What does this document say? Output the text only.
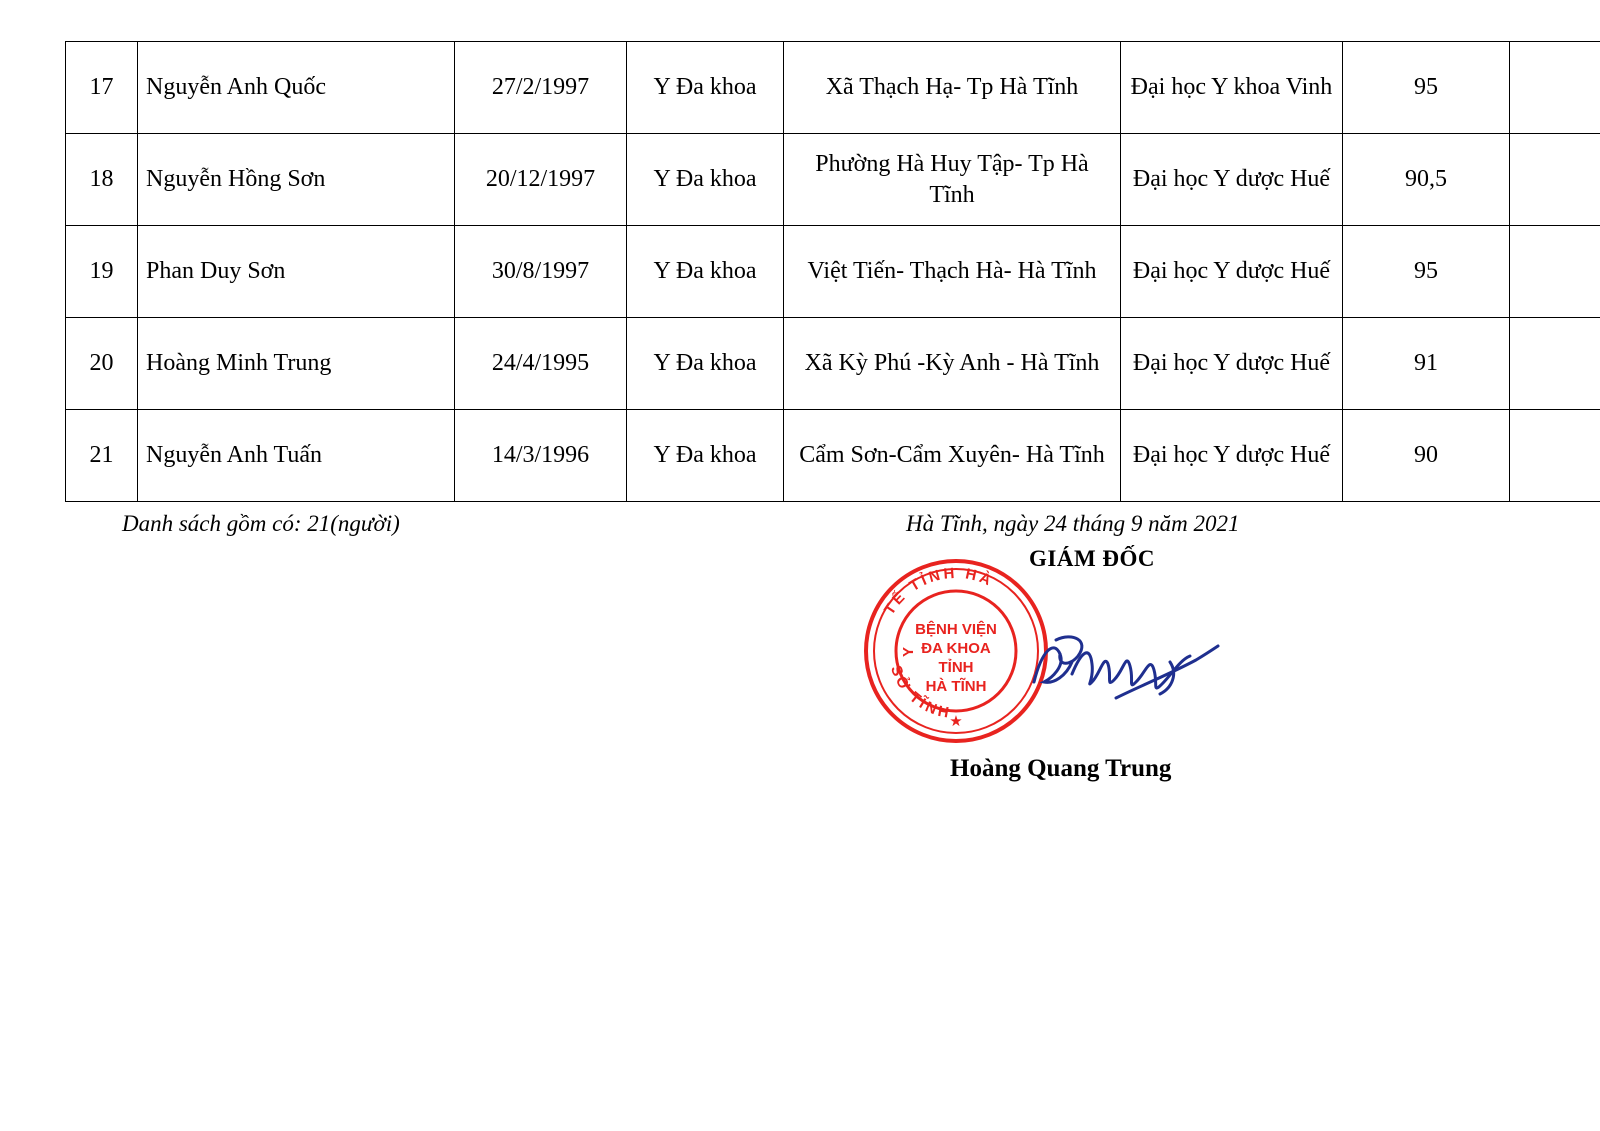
17	Nguyễn Anh Quốc	27/2/1997	Y Đa khoa	Xã Thạch Hạ- Tp Hà Tĩnh	Đại học Y khoa Vinh	95	
18	Nguyễn Hồng Sơn	20/12/1997	Y Đa khoa	Phường Hà Huy Tập- Tp Hà Tĩnh	Đại học Y dược Huế	90,5	
19	Phan Duy Sơn	30/8/1997	Y Đa khoa	Việt Tiến- Thạch Hà- Hà Tĩnh	Đại học Y dược Huế	95	
20	Hoàng Minh Trung	24/4/1995	Y Đa khoa	Xã Kỳ Phú -Kỳ Anh - Hà Tĩnh	Đại học Y dược Huế	91	
21	Nguyễn Anh Tuấn	14/3/1996	Y Đa khoa	Cẩm Sơn-Cẩm Xuyên- Hà Tĩnh	Đại học Y dược Huế	90	
Danh sách gồm có: 21(người)	Hà Tĩnh, ngày 24 tháng 9 năm 2021
GIÁM ĐỐC
TẾ TỈNH HÀ
SỞ TĨNH
Y
BỆNH VIỆN
ĐA KHOA
TỈNH
HÀ TĨNH
★
Hoàng Quang Trung
